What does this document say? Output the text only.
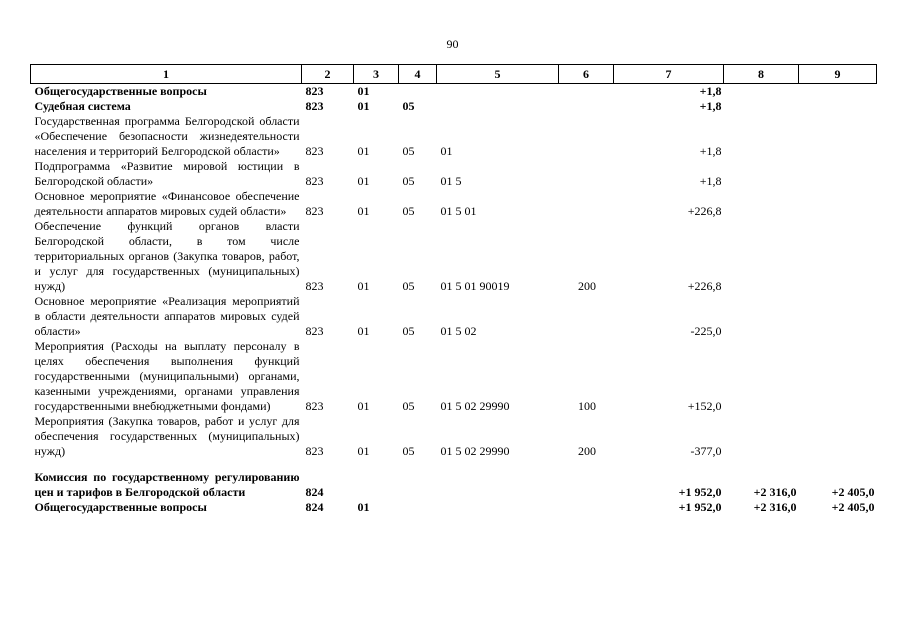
90
1	2	3	4	5	6	7	8	9
Общегосударственные вопросы	823	01				+1,8		
Судебная система	823	01	05			+1,8		
Государственная программа Белгородской области «Обеспечение безопасности жизнедеятельности населения и территорий Белгородской области»	823	01	05	01		+1,8		
Подпрограмма «Развитие мировой юстиции в Белгородской области»	823	01	05	01 5		+1,8		
Основное мероприятие «Финансовое обеспечение деятельности аппаратов мировых судей области»	823	01	05	01 5 01		+226,8		
Обеспечение функций органов власти Белгородской области, в том числе территориальных органов (Закупка товаров, работ, и услуг для государственных (муниципальных) нужд)	823	01	05	01 5 01 90019	200	+226,8		
Основное мероприятие «Реализация мероприятий в области деятельности аппаратов мировых судей области»	823	01	05	01 5 02		-225,0		
Мероприятия (Расходы на выплату персоналу в целях обеспечения выполнения функций государственными (муниципальными) органами, казенными учреждениями, органами управления государственными внебюджетными фондами)	823	01	05	01 5 02 29990	100	+152,0		
Мероприятия (Закупка товаров, работ и услуг для обеспечения государственных (муниципальных) нужд)	823	01	05	01 5 02 29990	200	-377,0		
Комиссия по государственному регулированию цен и тарифов в Белгородской области	824					+1 952,0	+2 316,0	+2 405,0
Общегосударственные вопросы	824	01				+1 952,0	+2 316,0	+2 405,0
